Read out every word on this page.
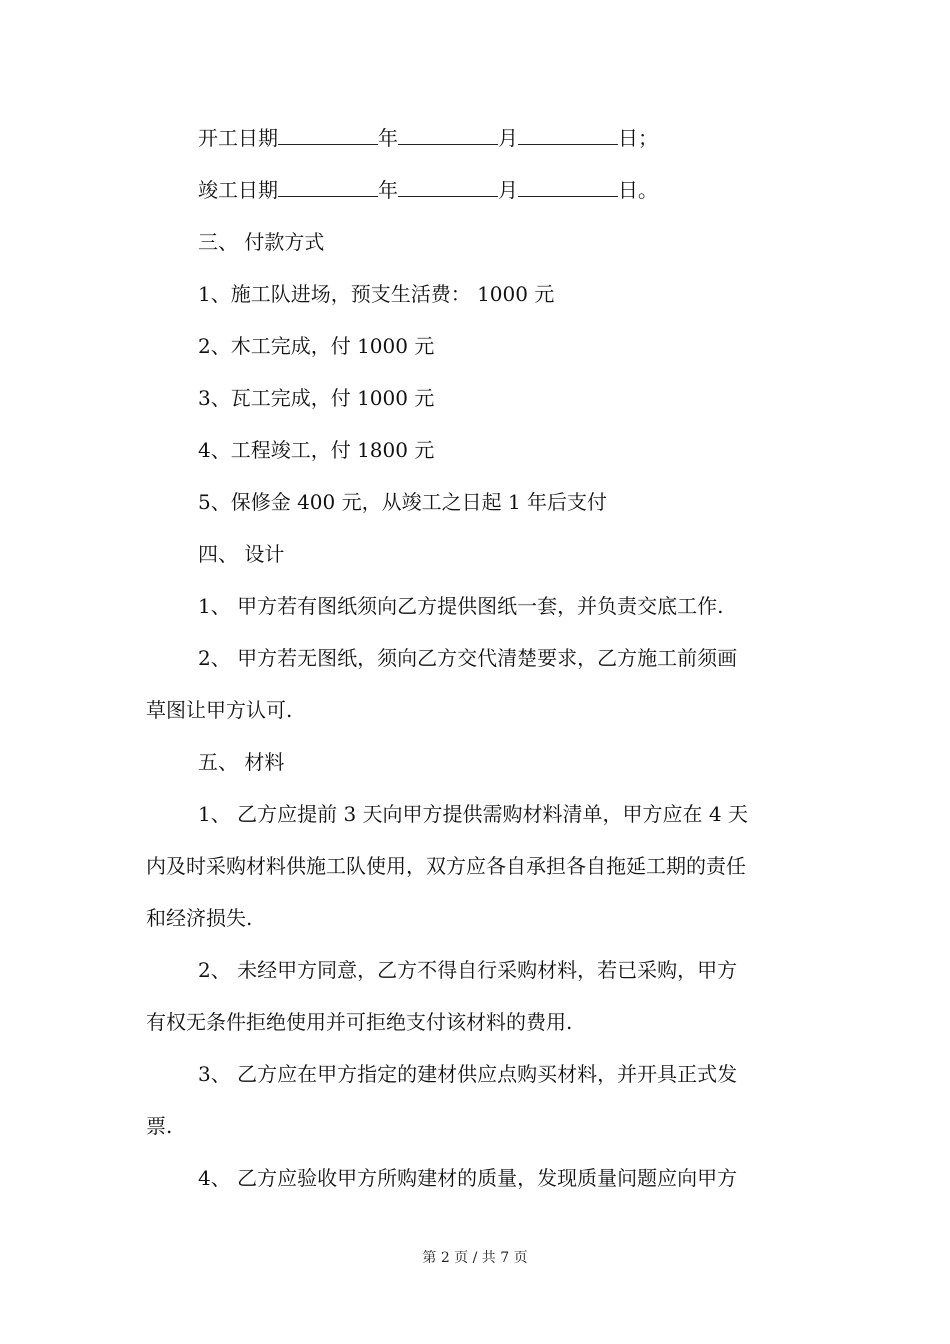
开工日期	年	月	日；
竣工日期	年	月	日。
三、 付款方式
1、施工队进场，预支生活费： 1000 元
2、木工完成，付 1000 元
3、瓦工完成，付 1000 元
4、工程竣工，付 1800 元
5、保修金 400 元，从竣工之日起 1 年后支付
四、 设计
1、 甲方若有图纸须向乙方提供图纸一套，并负责交底工作.
2、 甲方若无图纸，须向乙方交代清楚要求，乙方施工前须画
草图让甲方认可.
五、 材料
1、 乙方应提前 3 天向甲方提供需购材料清单，甲方应在 4 天
内及时采购材料供施工队使用，双方应各自承担各自拖延工期的责任
和经济损失.
2、 未经甲方同意，乙方不得自行采购材料，若已采购，甲方
有权无条件拒绝使用并可拒绝支付该材料的费用.
3、 乙方应在甲方指定的建材供应点购买材料，并开具正式发
票.
4、 乙方应验收甲方所购建材的质量，发现质量问题应向甲方
第 2 页 / 共 7 页
